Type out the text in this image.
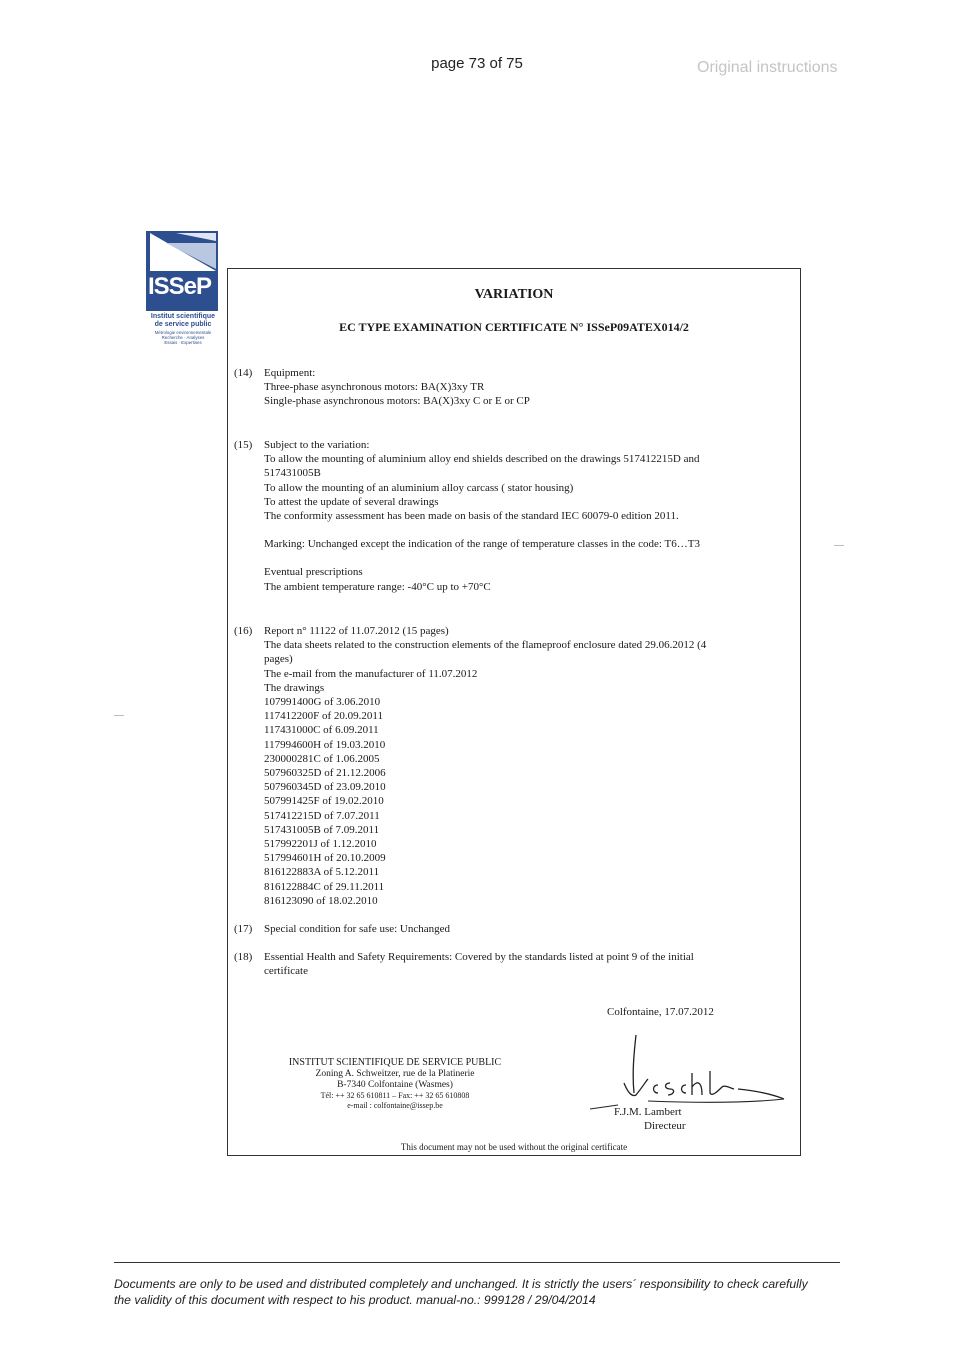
page 73 of 75	Original instructions
ISSeP
Institut scientifique
de service public
Métrologie environnementale
Recherche · Analyses
Essais · Expertises
VARIATION
EC TYPE EXAMINATION CERTIFICATE N° ISSeP09ATEX014/2
(14)	Equipment:
Three-phase asynchronous motors: BA(X)3xy TR
Single-phase asynchronous motors: BA(X)3xy C or E or CP
(15)	Subject to the variation:
To allow the mounting of aluminium alloy end shields described on the drawings 517412215D and
517431005B
To allow the mounting of an aluminium alloy carcass ( stator housing)
To attest the update of several drawings
The conformity assessment has been made on basis of the standard IEC 60079-0 edition 2011.
Marking: Unchanged except the indication of the range of temperature classes in the code: T6…T3
Eventual prescriptions
The ambient temperature range: -40°C up to +70°C
(16)	Report n° 11122 of 11.07.2012 (15 pages)
The data sheets related to the construction elements of the flameproof enclosure dated 29.06.2012 (4
pages)
The e-mail from the manufacturer of 11.07.2012
The drawings
107991400G of 3.06.2010
117412200F of 20.09.2011
117431000C of 6.09.2011
117994600H of 19.03.2010
230000281C of 1.06.2005
507960325D of 21.12.2006
507960345D of 23.09.2010
507991425F of 19.02.2010
517412215D of 7.07.2011
517431005B of 7.09.2011
517992201J of 1.12.2010
517994601H of 20.10.2009
816122883A of 5.12.2011
816122884C of 29.11.2011
816123090 of 18.02.2010
(17)	Special condition for safe use: Unchanged
(18)	Essential Health and Safety Requirements: Covered by the standards listed at point 9 of the initial
certificate
Colfontaine, 17.07.2012
INSTITUT SCIENTIFIQUE DE SERVICE PUBLIC
Zoning A. Schweitzer, rue de la Platinerie
B-7340 Colfontaine (Wasmes)
Tél: ++ 32 65 610811 – Fax: ++ 32 65 610808
e-mail : colfontaine@issep.be
F.J.M. Lambert
Directeur
This document may not be used without the original certificate
Documents are only to be used and distributed completely and unchanged. It is strictly the users´ responsibility to check carefully
the validity of this document with respect to his product. manual-no.: 999128 / 29/04/2014
